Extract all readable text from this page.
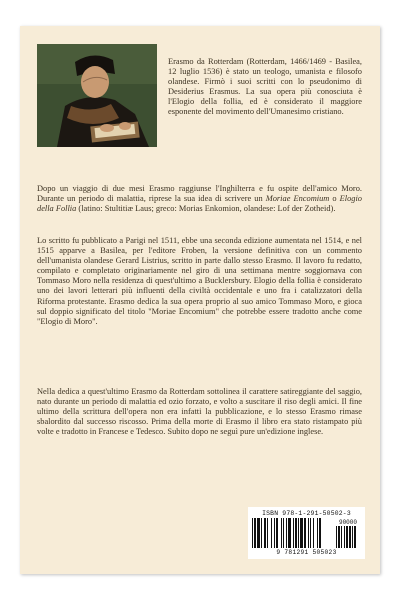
Erasmo da Rotterdam (Rotterdam, 1466/1469 - Basilea, 12 luglio 1536) è stato un teologo, umanista e filosofo olandese. Firmò i suoi scritti con lo pseudonimo di Desiderius Erasmus. La sua opera più conosciuta è l'Elogio della follia, ed è considerato il maggiore esponente del movimento dell'Umanesimo cristiano.
Dopo un viaggio di due mesi Erasmo raggiunse l'Inghilterra e fu ospite dell'amico Moro. Durante un periodo di malattia, riprese la sua idea di scrivere un Moriae Encomium o Elogio della Follia (latino: Stultitiæ Laus; greco: Morias Enkomion, olandese: Lof der Zotheid).
Lo scritto fu pubblicato a Parigi nel 1511, ebbe una seconda edizione aumentata nel 1514, e nel 1515 apparve a Basilea, per l'editore Froben, la versione definitiva con un commento dell'umanista olandese Gerard Listrius, scritto in parte dallo stesso Erasmo. Il lavoro fu redatto, compilato e completato originariamente nel giro di una settimana mentre soggiornava con Tommaso Moro nella residenza di quest'ultimo a Bucklersbury. Elogio della follia è considerato uno dei lavori letterari più influenti della civiltà occidentale e uno fra i catalizzatori della Riforma protestante. Erasmo dedica la sua opera proprio al suo amico Tommaso Moro, e gioca sul doppio significato del titolo "Moriae Encomium" che potrebbe essere tradotto anche come "Elogio di Moro".
Nella dedica a quest'ultimo Erasmo da Rotterdam sottolinea il carattere satireggiante del saggio, nato durante un periodo di malattia ed ozio forzato, e volto a suscitare il riso degli amici. Il fine ultimo della scrittura dell'opera non era infatti la pubblicazione, e lo stesso Erasmo rimase sbalordito dal successo riscosso. Prima della morte di Erasmo il libro era stato ristampato più volte e tradotto in Francese e Tedesco. Subito dopo ne seguì pure un'edizione inglese.
ISBN 978-1-291-50502-3
90000
9 781291 505023
